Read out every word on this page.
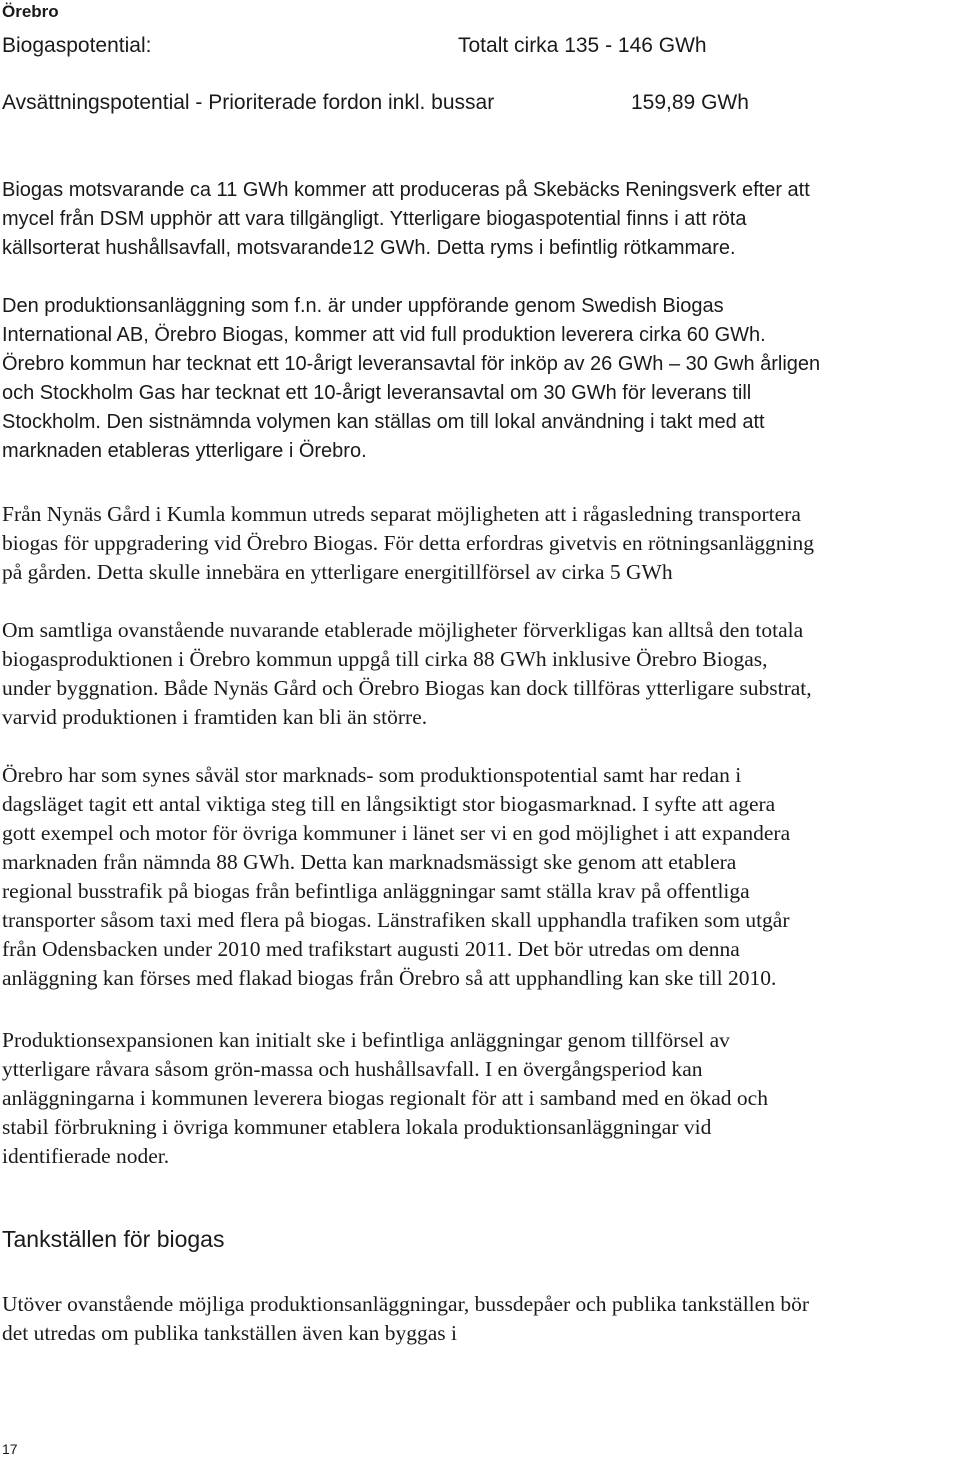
Örebro
Biogaspotential:	Totalt cirka 135 - 146 GWh
Avsättningspotential - Prioriterade fordon inkl. bussar	159,89 GWh
Biogas motsvarande ca 11 GWh kommer att produceras på Skebäcks Reningsverk efter att
mycel från DSM upphör att vara tillgängligt. Ytterligare biogaspotential finns i att röta
källsorterat hushållsavfall, motsvarande12 GWh. Detta ryms i befintlig rötkammare.
Den produktionsanläggning som f.n. är under uppförande genom Swedish Biogas
International AB, Örebro Biogas, kommer att vid full produktion leverera cirka 60 GWh.
Örebro kommun har tecknat ett 10-årigt leveransavtal för inköp av 26 GWh – 30 Gwh årligen
och Stockholm Gas har tecknat ett 10-årigt leveransavtal om 30 GWh för leverans till
Stockholm. Den sistnämnda volymen kan ställas om till lokal användning i takt med att
marknaden etableras ytterligare i Örebro.
Från Nynäs Gård i Kumla kommun utreds separat möjligheten att i rågasledning transportera
biogas för uppgradering vid Örebro Biogas. För detta erfordras givetvis en rötningsanläggning
på gården. Detta skulle innebära en ytterligare energitillförsel av cirka 5 GWh
Om samtliga ovanstående nuvarande etablerade möjligheter förverkligas kan alltså den totala
biogasproduktionen i Örebro kommun uppgå till cirka 88 GWh inklusive Örebro Biogas,
under byggnation. Både Nynäs Gård och Örebro Biogas kan dock tillföras ytterligare substrat,
varvid produktionen i framtiden kan bli än större.
Örebro har som synes såväl stor marknads- som produktionspotential samt har redan i
dagsläget tagit ett antal viktiga steg till en långsiktigt stor biogasmarknad. I syfte att agera
gott exempel och motor för övriga kommuner i länet ser vi en god möjlighet i att expandera
marknaden från nämnda 88 GWh. Detta kan marknadsmässigt ske genom att etablera
regional busstrafik på biogas från befintliga anläggningar samt ställa krav på offentliga
transporter såsom taxi med flera på biogas. Länstrafiken skall upphandla trafiken som utgår
från Odensbacken under 2010 med trafikstart augusti 2011. Det bör utredas om denna
anläggning kan förses med flakad biogas från Örebro så att upphandling kan ske till 2010.
Produktionsexpansionen kan initialt ske i befintliga anläggningar genom tillförsel av
ytterligare råvara såsom grön-massa och hushållsavfall. I en övergångsperiod kan
anläggningarna i kommunen leverera biogas regionalt för att i samband med en ökad och
stabil förbrukning i övriga kommuner etablera lokala produktionsanläggningar vid
identifierade noder.
Tankställen för biogas
Utöver ovanstående möjliga produktionsanläggningar, bussdepåer och publika tankställen bör
det utredas om publika tankställen även kan byggas i
17
